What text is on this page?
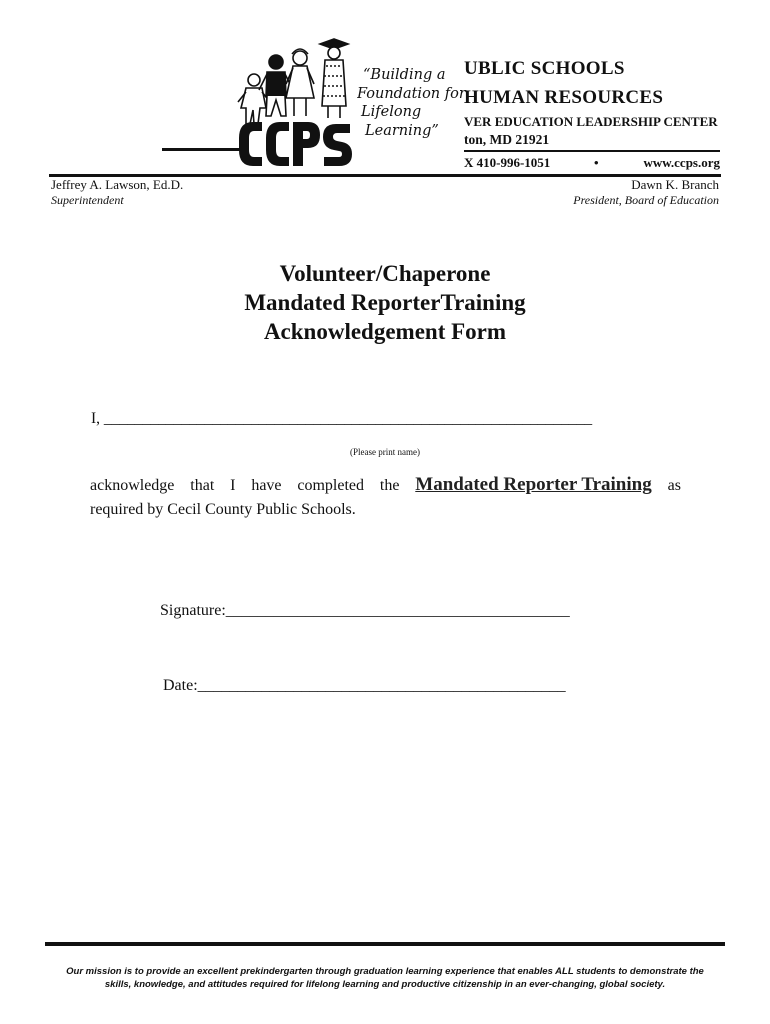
“Building a
Foundation for
Lifelong
Learning”
UBLIC SCHOOLS
HUMAN RESOURCES
VER EDUCATION LEADERSHIP CENTER
ton, MD 21921
X 410-996-1051	•	www.ccps.org
Jeffrey A. Lawson, Ed.D.
Superintendent
Dawn K. Branch
President, Board of Education
Volunteer/Chaperone
Mandated ReporterTraining
Acknowledgement Form
I, _______________________________________________________________
(Please print name)
acknowledge that I have completed the Mandated Reporter Training as
required by Cecil County Public Schools.
Signature:___________________________________________
Date:______________________________________________
Our mission is to provide an excellent prekindergarten through graduation learning experience that enables ALL students to demonstrate the
skills, knowledge, and attitudes required for lifelong learning and productive citizenship in an ever-changing, global society.
